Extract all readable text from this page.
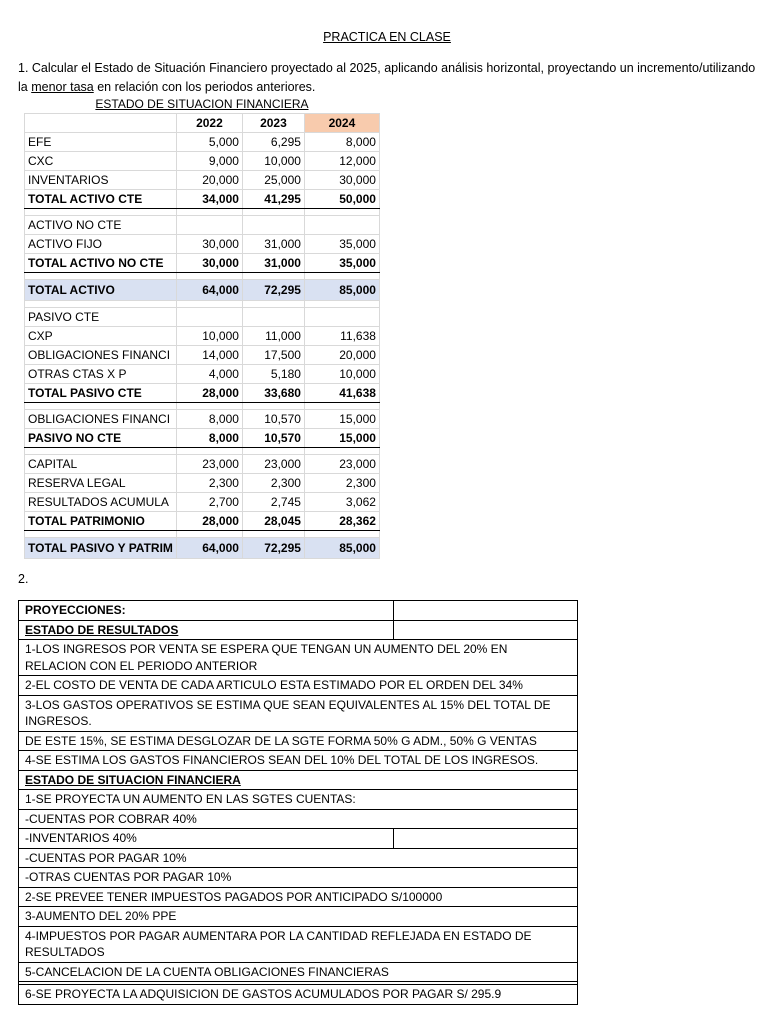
PRACTICA EN CLASE
1. Calcular el Estado de Situación Financiero proyectado al 2025, aplicando análisis horizontal, proyectando un incremento/utilizando la menor tasa en relación con los periodos anteriores.
ESTADO DE SITUACION FINANCIERA			
	2022	2023	2024
EFE	5,000	6,295	8,000
CXC	9,000	10,000	12,000
INVENTARIOS	20,000	25,000	30,000
TOTAL ACTIVO CTE	34,000	41,295	50,000

ACTIVO NO CTE			
ACTIVO FIJO	30,000	31,000	35,000
TOTAL ACTIVO NO CTE	30,000	31,000	35,000

TOTAL ACTIVO	64,000	72,295	85,000

PASIVO CTE			
CXP	10,000	11,000	11,638
OBLIGACIONES FINANCI	14,000	17,500	20,000
OTRAS CTAS X P	4,000	5,180	10,000
TOTAL PASIVO CTE	28,000	33,680	41,638

OBLIGACIONES FINANCI	8,000	10,570	15,000
PASIVO NO CTE	8,000	10,570	15,000

CAPITAL	23,000	23,000	23,000
RESERVA LEGAL	2,300	2,300	2,300
RESULTADOS ACUMULA	2,700	2,745	3,062
TOTAL PATRIMONIO	28,000	28,045	28,362

TOTAL PASIVO Y PATRIM	64,000	72,295	85,000
2.
PROYECCIONES:	
ESTADO DE RESULTADOS	
1-LOS INGRESOS POR VENTA SE ESPERA QUE TENGAN UN AUMENTO DEL 20% EN RELACION CON EL PERIODO ANTERIOR	
2-EL COSTO DE VENTA DE CADA ARTICULO ESTA ESTIMADO POR EL ORDEN DEL 34%	
3-LOS GASTOS OPERATIVOS SE ESTIMA QUE SEAN EQUIVALENTES AL 15% DEL TOTAL DE INGRESOS.	
DE ESTE 15%, SE ESTIMA DESGLOZAR DE LA SGTE FORMA 50% G ADM., 50% G VENTAS	
4-SE ESTIMA LOS GASTOS FINANCIEROS SEAN DEL 10% DEL TOTAL DE LOS INGRESOS.	
ESTADO DE SITUACION FINANCIERA	
1-SE PROYECTA UN AUMENTO EN LAS SGTES CUENTAS:	
-CUENTAS POR COBRAR 40%	
-INVENTARIOS 40%	
-CUENTAS POR PAGAR 10%	
-OTRAS CUENTAS POR PAGAR 10%	
2-SE PREVEE TENER IMPUESTOS PAGADOS POR ANTICIPADO S/100000	
3-AUMENTO DEL 20% PPE	
4-IMPUESTOS POR PAGAR AUMENTARA POR LA CANTIDAD REFLEJADA EN ESTADO DE RESULTADOS	
5-CANCELACION DE LA CUENTA OBLIGACIONES FINANCIERAS	

6-SE PROYECTA LA ADQUISICION DE GASTOS ACUMULADOS POR PAGAR S/ 295.9	
